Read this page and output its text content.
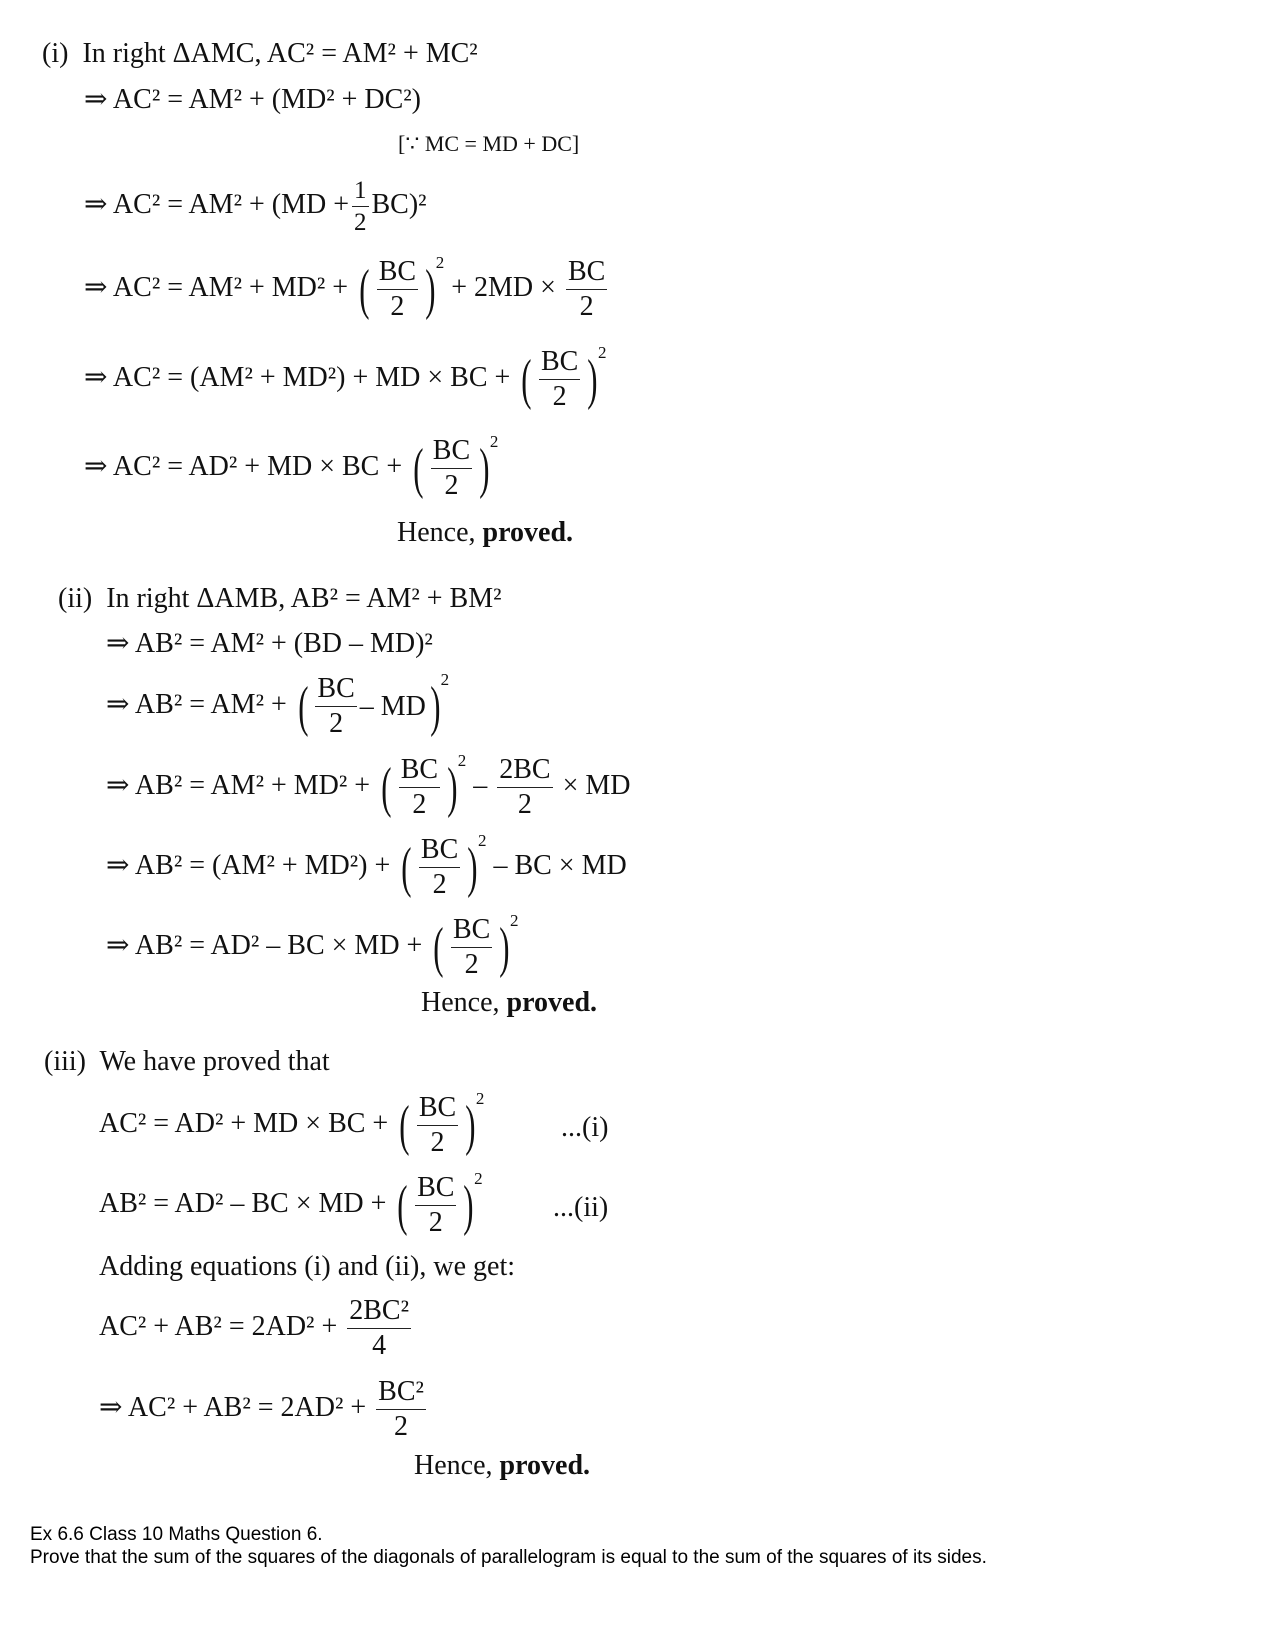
(i) In right ΔAMC, AC² = AM² + MC²
⇒ AC² = AM² + (MD² + DC²)
[∵ MC = MD + DC]
⇒ $AC^2 = AM^2 + (MD + \frac{1}{2} BC)^2$
⇒ AC² = AM² + MD² + ( $\frac{BC}{2}$ ) 2
+ $2MD \times \frac{BC}{2}$
⇒ AC² = (AM² + MD²) + MD × BC + ( $\frac{BC}{2}$ ) 2
⇒ AC² = AD² + MD × BC + ( $\frac{BC}{2}$ ) 2
Hence, proved.
(ii) In right ΔAMB, AB² = AM² + BM²
⇒ AB² = AM² + (BD – MD)²
⇒ AB² = AM² + ( $\frac{BC}{2}$ – MD ) 2
⇒ AB² = AM² + MD² + ( $\frac{BC}{2}$ ) 2
– $\frac{2BC}{2}$ × MD
⇒ AB² = (AM² + MD²) + ( $\frac{BC}{2}$ ) 2
– BC × MD
⇒ AB² = AD² – BC × MD + ( $\frac{BC}{2}$ ) 2
Hence, proved.
(iii) We have proved that
AC² = AD² + MD × BC + ( $\frac{BC}{2}$ ) 2
...(i)
AB² = AD² – BC × MD + ( $\frac{BC}{2}$ ) 2
...(ii)
Adding equations (i) and (ii), we get:
$AC^2 + AB^2 = 2AD^2 + \frac{\text{2BC²}}{4}$
⇒ $AC^2 + AB^2 = 2AD^2 + \frac{\text{BC²}}{2}$
Hence, proved.
Ex 6.6 Class 10 Maths Question 6.
Prove that the sum of the squares of the diagonals of parallelogram is equal to the sum of the squares of its sides.
